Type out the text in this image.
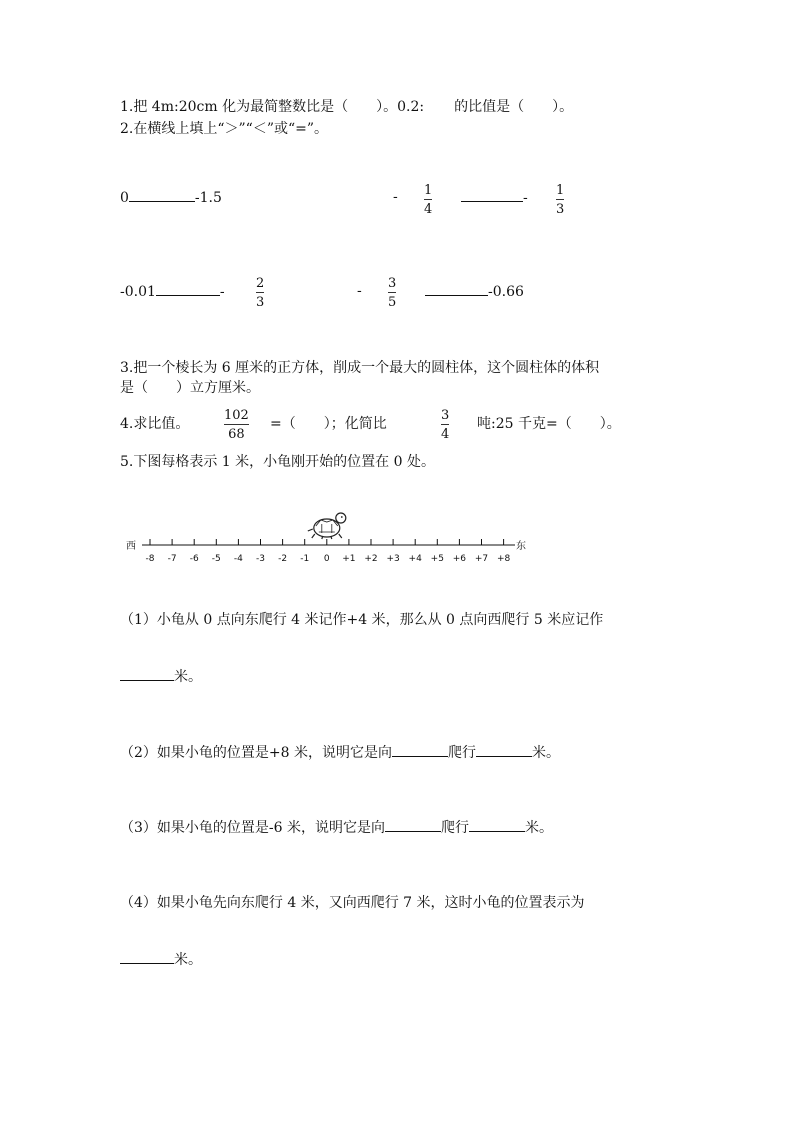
1.把 4m:20cm 化为最简整数比是（　　）。0.2: 的比值是（　　）。
2.在横线上填上“＞”“＜”或“=”。
0	-1.5	- 1
4
- 1
3
-0.01	-
2
3
- 3
5
-0.66
3.把一个棱长为 6 厘米的正方体，削成一个最大的圆柱体，这个圆柱体的体积
是（　　）立方厘米。
4.求比值。
102
68
=（　　）；化简比
3
4
吨:25 千克=（　　）。
5.下图每格表示 1 米，小龟刚开始的位置在 0 处。
西	东
-8 -7 -6 -5 -4 -3 -2 -1 0 +1 +2 +3 +4 +5 +6 +7 +8
（1）小龟从 0 点向东爬行 4 米记作+4 米，那么从 0 点向西爬行 5 米应记作
米。
（2）如果小龟的位置是+8 米，说明它是向	爬行	米。
（3）如果小龟的位置是-6 米，说明它是向	爬行	米。
（4）如果小龟先向东爬行 4 米，又向西爬行 7 米，这时小龟的位置表示为
米。
